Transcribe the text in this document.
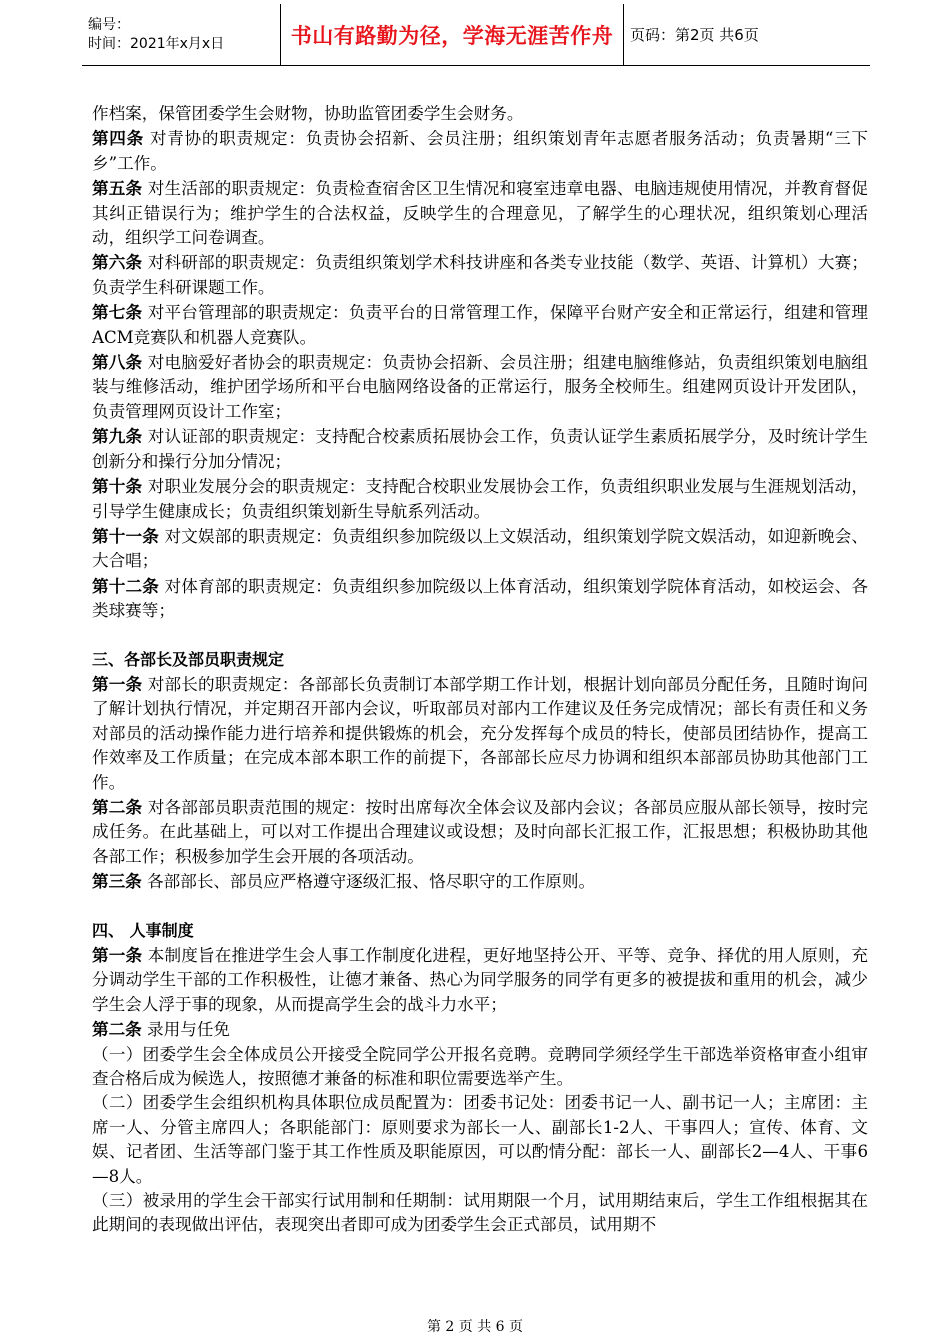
编号：
时间：2021年x月x日	书山有路勤为径，学海无涯苦作舟	页码：第2页 共6页

作档案，保管团委学生会财物，协助监管团委学生会财务。

第四条 对青协的职责规定：负责协会招新、会员注册；组织策划青年志愿者服务活动；负责暑期“三下乡”工作。

第五条 对生活部的职责规定：负责检查宿舍区卫生情况和寝室违章电器、电脑违规使用情况，并教育督促其纠正错误行为；维护学生的合法权益，反映学生的合理意见，了解学生的心理状况，组织策划心理活动，组织学工问卷调查。

第六条 对科研部的职责规定：负责组织策划学术科技讲座和各类专业技能（数学、英语、计算机）大赛；负责学生科研课题工作。

第七条 对平台管理部的职责规定：负责平台的日常管理工作，保障平台财产安全和正常运行，组建和管理ACM竞赛队和机器人竞赛队。

第八条 对电脑爱好者协会的职责规定：负责协会招新、会员注册；组建电脑维修站，负责组织策划电脑组装与维修活动，维护团学场所和平台电脑网络设备的正常运行，服务全校师生。组建网页设计开发团队，负责管理网页设计工作室；

第九条 对认证部的职责规定：支持配合校素质拓展协会工作，负责认证学生素质拓展学分，及时统计学生创新分和操行分加分情况；

第十条 对职业发展分会的职责规定：支持配合校职业发展协会工作，负责组织职业发展与生涯规划活动，引导学生健康成长；负责组织策划新生导航系列活动。

第十一条 对文娱部的职责规定：负责组织参加院级以上文娱活动，组织策划学院文娱活动，如迎新晚会、大合唱；

第十二条 对体育部的职责规定：负责组织参加院级以上体育活动，组织策划学院体育活动，如校运会、各类球赛等；

三、各部长及部员职责规定

第一条 对部长的职责规定：各部部长负责制订本部学期工作计划，根据计划向部员分配任务，且随时询问了解计划执行情况，并定期召开部内会议，听取部员对部内工作建议及任务完成情况；部长有责任和义务对部员的活动操作能力进行培养和提供锻炼的机会，充分发挥每个成员的特长，使部员团结协作，提高工作效率及工作质量；在完成本部本职工作的前提下，各部部长应尽力协调和组织本部部员协助其他部门工作。

第二条 对各部部员职责范围的规定：按时出席每次全体会议及部内会议；各部员应服从部长领导，按时完成任务。在此基础上，可以对工作提出合理建议或设想；及时向部长汇报工作，汇报思想；积极协助其他各部工作；积极参加学生会开展的各项活动。

第三条 各部部长、部员应严格遵守逐级汇报、恪尽职守的工作原则。

四、 人事制度

第一条 本制度旨在推进学生会人事工作制度化进程，更好地坚持公开、平等、竞争、择优的用人原则，充分调动学生干部的工作积极性，让德才兼备、热心为同学服务的同学有更多的被提拔和重用的机会，减少学生会人浮于事的现象，从而提高学生会的战斗力水平；

第二条 录用与任免

（一）团委学生会全体成员公开接受全院同学公开报名竞聘。竞聘同学须经学生干部选举资格审查小组审查合格后成为候选人，按照德才兼备的标准和职位需要选举产生。

（二）团委学生会组织机构具体职位成员配置为：团委书记处：团委书记一人、副书记一人；主席团：主席一人、分管主席四人；各职能部门：原则要求为部长一人、副部长1-2人、干事四人；宣传、体育、文娱、记者团、生活等部门鉴于其工作性质及职能原因，可以酌情分配：部长一人、副部长2—4人、干事6—8人。

（三）被录用的学生会干部实行试用制和任期制：试用期限一个月，试用期结束后，学生工作组根据其在此期间的表现做出评估，表现突出者即可成为团委学生会正式部员，试用期不

第 2 页 共 6 页
